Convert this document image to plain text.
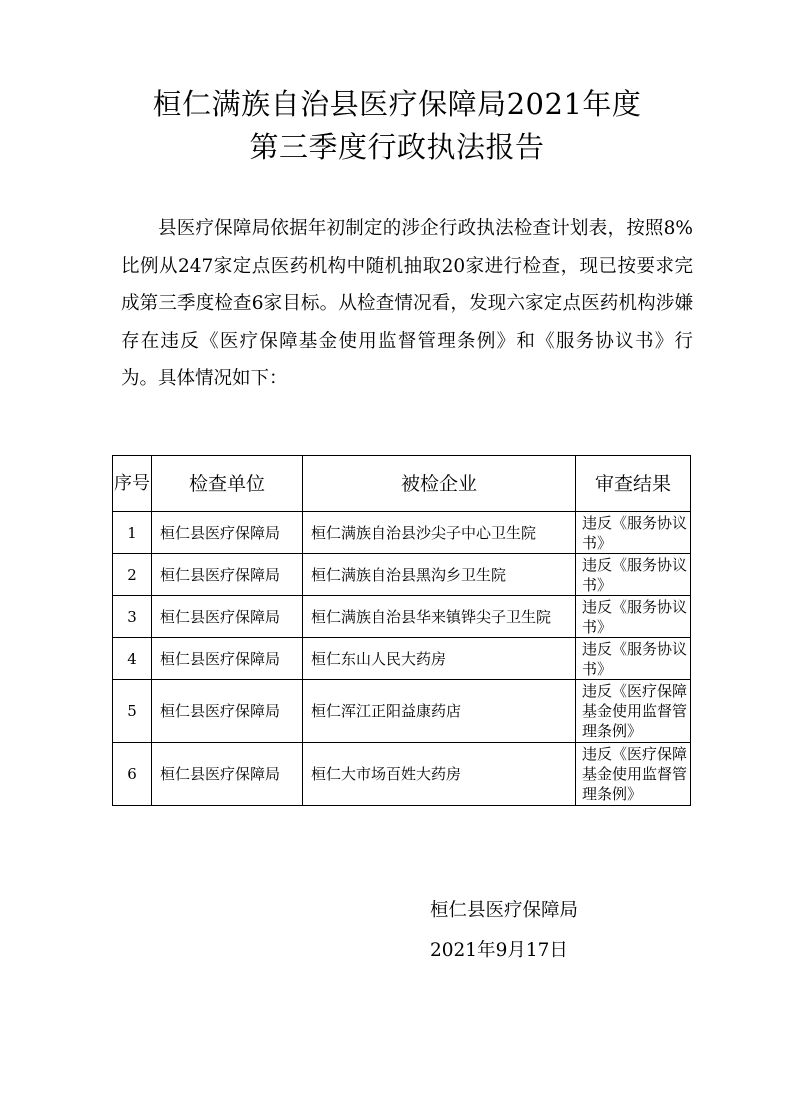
桓仁满族自治县医疗保障局2021年度
第三季度行政执法报告

县医疗保障局依据年初制定的涉企行政执法检查计划表，按照8%比例从247家定点医药机构中随机抽取20家进行检查，现已按要求完成第三季度检查6家目标。从检查情况看，发现六家定点医药机构涉嫌存在违反《医疗保障基金使用监督管理条例》和《服务协议书》行为。具体情况如下：

序号	检查单位	被检企业	审查结果
1	桓仁县医疗保障局	桓仁满族自治县沙尖子中心卫生院	违反《服务协议书》
2	桓仁县医疗保障局	桓仁满族自治县黑沟乡卫生院	违反《服务协议书》
3	桓仁县医疗保障局	桓仁满族自治县华来镇铧尖子卫生院	违反《服务协议书》
4	桓仁县医疗保障局	桓仁东山人民大药房	违反《服务协议书》
5	桓仁县医疗保障局	桓仁浑江正阳益康药店	违反《医疗保障基金使用监督管理条例》
6	桓仁县医疗保障局	桓仁大市场百姓大药房	违反《医疗保障基金使用监督管理条例》
桓仁县医疗保障局
2021年9月17日
